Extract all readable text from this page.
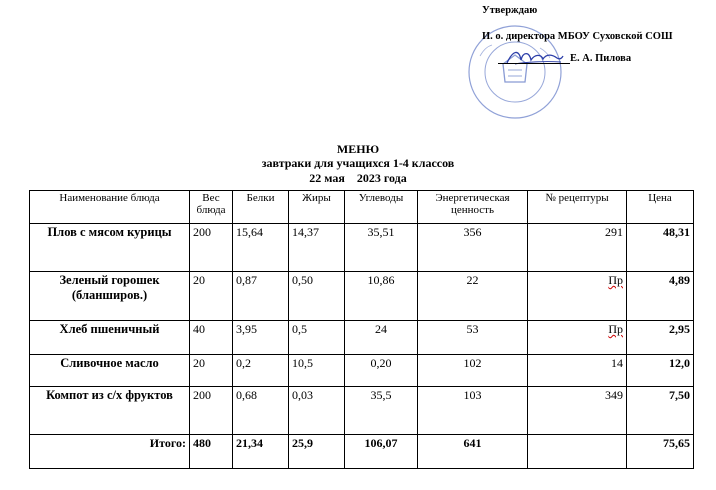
Утверждаю
И. о. директора МБОУ Суховской СОШ
Е. А. Пилова
МЕНЮ
завтраки для учащихся 1-4 классов
22 мая    2023 года
Наименование блюда	Вес блюда	Белки	Жиры	Углеводы	Энергетическая ценность	№ рецептуры	Цена
Плов с мясом курицы	200	15,64	14,37	35,51	356	291	48,31
Зеленый горошек (бланширов.)	20	0,87	0,50	10,86	22	Пр	4,89
Хлеб пшеничный	40	3,95	0,5	24	53	Пр	2,95
Сливочное масло	20	0,2	10,5	0,20	102	14	12,0
Компот из с/х фруктов	200	0,68	0,03	35,5	103	349	7,50
Итого:	480	21,34	25,9	106,07	641		75,65
